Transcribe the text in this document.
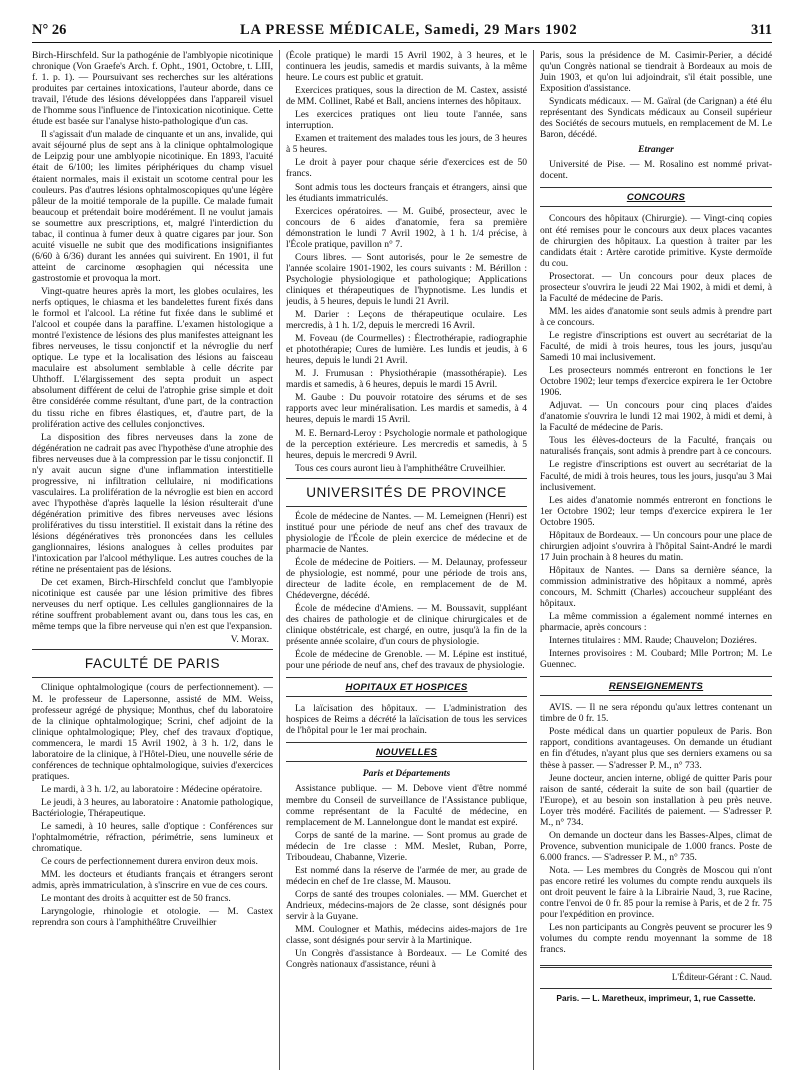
N° 26	LA PRESSE MÉDICALE, Samedi, 29 Mars 1902	311

Birch-Hirschfeld. Sur la pathogénie de l'amblyopie nicotinique chronique (Von Graefe's Arch. f. Opht., 1901, Octobre, t. LIII, f. 1. p. 1). — Poursuivant ses recherches sur les altérations produites par certaines intoxications, l'auteur aborde, dans ce travail, l'étude des lésions développées dans l'appareil visuel de l'homme sous l'influence de l'intoxication nicotinique. Cette étude est basée sur l'analyse histo-pathologique d'un cas.

Il s'agissait d'un malade de cinquante et un ans, invalide, qui avait séjourné plus de sept ans à la clinique ophtalmologique de Leipzig pour une amblyopie nicotinique. En 1893, l'acuité était de 6/100; les limites périphériques du champ visuel étaient normales, mais il existait un scotome central pour les couleurs. Pas d'autres lésions ophtalmoscopiques qu'une légère pâleur de la moitié temporale de la pupille. Ce malade fumait beaucoup et prétendait boire modérément. Il ne voulut jamais se soumettre aux prescriptions, et, malgré l'interdiction du tabac, il continua à fumer deux à quatre cigares par jour. Son acuité visuelle ne subit que des modifications insignifiantes (6/60 à 6/36) durant les années qui suivirent. En 1901, il fut atteint de carcinome œsophagien qui nécessita une gastrostomie et provoqua la mort.

Vingt-quatre heures après la mort, les globes oculaires, les nerfs optiques, le chiasma et les bandelettes furent fixés dans le formol et l'alcool. La rétine fut fixée dans le sublimé et l'alcool et coupée dans la paraffine. L'examen histologique a montré l'existence de lésions des plus manifestes atteignant les fibres nerveuses, le tissu conjonctif et la névroglie du nerf optique. Le type et la localisation des lésions au faisceau maculaire est absolument semblable à celle décrite par Uhthoff. L'élargissement des septa produit un aspect absolument différent de celui de l'atrophie grise simple et doit être considérée comme résultant, d'une part, de la contraction du tissu riche en fibres élastiques, et, d'autre part, de la prolifération active des cellules conjonctives.

La disposition des fibres nerveuses dans la zone de dégénération ne cadrait pas avec l'hypothèse d'une atrophie des fibres nerveuses due à la compression par le tissu conjonctif. Il n'y avait aucun signe d'une inflammation interstitielle progressive, ni infiltration cellulaire, ni modifications vasculaires. La prolifération de la névroglie est bien en accord avec l'hypothèse d'après laquelle la lésion résulterait d'une dégénération primitive des fibres nerveuses avec lésions prolifératives du tissu interstitiel. Il existait dans la rétine des lésions dégénératives très prononcées dans les cellules ganglionnaires, lésions analogues à celles produites par l'intoxication par l'alcool méthylique. Les autres couches de la rétine ne présentaient pas de lésions.

De cet examen, Birch-Hirschfeld conclut que l'amblyopie nicotinique est causée par une lésion primitive des fibres nerveuses du nerf optique. Les cellules ganglionnaires de la rétine souffrent probablement avant ou, dans tous les cas, en même temps que la fibre nerveuse qui n'en est que l'expansion.

V. Morax.

FACULTÉ DE PARIS

Clinique ophtalmologique (cours de perfectionnement). — M. le professeur de Lapersonne, assisté de MM. Weiss, professeur agrégé de physique; Monthus, chef du laboratoire de la clinique ophtalmologique; Scrini, chef adjoint de la clinique ophtalmologique; Pley, chef des travaux d'optique, commencera, le mardi 15 Avril 1902, à 3 h. 1/2, dans le laboratoire de la clinique, à l'Hôtel-Dieu, une nouvelle série de conférences de technique ophtalmologique, suivies d'exercices pratiques.

Le mardi, à 3 h. 1/2, au laboratoire : Médecine opératoire.

Le jeudi, à 3 heures, au laboratoire : Anatomie pathologique, Bactériologie, Thérapeutique.

Le samedi, à 10 heures, salle d'optique : Conférences sur l'ophtalmométrie, réfraction, périmétrie, sens lumineux et chromatique.

Ce cours de perfectionnement durera environ deux mois.

MM. les docteurs et étudiants français et étrangers seront admis, après immatriculation, à s'inscrire en vue de ces cours.

Le montant des droits à acquitter est de 50 francs.

Laryngologie, rhinologie et otologie. — M. Castex reprendra son cours à l'amphithéâtre Cruveilhier

(École pratique) le mardi 15 Avril 1902, à 3 heures, et le continuera les jeudis, samedis et mardis suivants, à la même heure. Le cours est public et gratuit.

Exercices pratiques, sous la direction de M. Castex, assisté de MM. Collinet, Rabé et Ball, anciens internes des hôpitaux.

Les exercices pratiques ont lieu toute l'année, sans interruption.

Examen et traitement des malades tous les jours, de 3 heures à 5 heures.

Le droit à payer pour chaque série d'exercices est de 50 francs.

Sont admis tous les docteurs français et étrangers, ainsi que les étudiants immatriculés.

Exercices opératoires. — M. Guibé, prosecteur, avec le concours de 6 aides d'anatomie, fera sa première démonstration le lundi 7 Avril 1902, à 1 h. 1/4 précise, à l'École pratique, pavillon n° 7.

Cours libres. — Sont autorisés, pour le 2e semestre de l'année scolaire 1901-1902, les cours suivants : M. Bérillon : Psychologie physiologique et pathologique; Applications cliniques et thérapeutiques de l'hypnotisme. Les lundis et jeudis, à 5 heures, depuis le lundi 21 Avril.

M. Darier : Leçons de thérapeutique oculaire. Les mercredis, à 1 h. 1/2, depuis le mercredi 16 Avril.

M. Foveau (de Courmelles) : Électrothérapie, radiographie et photothérapie; Cures de lumière. Les lundis et jeudis, à 6 heures, depuis le lundi 21 Avril.

M. J. Frumusan : Physiothérapie (massothérapie). Les mardis et samedis, à 6 heures, depuis le mardi 15 Avril.

M. Gaube : Du pouvoir rotatoire des sérums et de ses rapports avec leur minéralisation. Les mardis et samedis, à 4 heures, depuis le mardi 15 Avril.

M. E. Bernard-Leroy : Psychologie normale et pathologique de la perception extérieure. Les mercredis et samedis, à 5 heures, depuis le mercredi 9 Avril.

Tous ces cours auront lieu à l'amphithéâtre Cruveilhier.

UNIVERSITÉS DE PROVINCE

École de médecine de Nantes. — M. Lemeignen (Henri) est institué pour une période de neuf ans chef des travaux de physiologie de l'École de plein exercice de médecine et de pharmacie de Nantes.

École de médecine de Poitiers. — M. Delaunay, professeur de physiologie, est nommé, pour une période de trois ans, directeur de ladite école, en remplacement de de M. Chédevergne, décédé.

École de médecine d'Amiens. — M. Boussavit, suppléant des chaires de pathologie et de clinique chirurgicales et de clinique obstétricale, est chargé, en outre, jusqu'à la fin de la présente année scolaire, d'un cours de physiologie.

École de médecine de Grenoble. — M. Lépine est institué, pour une période de neuf ans, chef des travaux de physiologie.

HOPITAUX ET HOSPICES

La laïcisation des hôpitaux. — L'administration des hospices de Reims a décrété la laïcisation de tous les services de l'hôpital pour le 1er mai prochain.

NOUVELLES
Paris et Départements

Assistance publique. — M. Debove vient d'être nommé membre du Conseil de surveillance de l'Assistance publique, comme représentant de la Faculté de médecine, en remplacement de M. Lannelongue dont le mandat est expiré.

Corps de santé de la marine. — Sont promus au grade de médecin de 1re classe : MM. Meslet, Ruban, Porre, Triboudeau, Chabanne, Vizerie.

Est nommé dans la réserve de l'armée de mer, au grade de médecin en chef de 1re classe, M. Mausou.

Corps de santé des troupes coloniales. — MM. Guerchet et Andrieux, médecins-majors de 2e classe, sont désignés pour servir à la Guyane.

MM. Coulogner et Mathis, médecins aides-majors de 1re classe, sont désignés pour servir à la Martinique.

Un Congrès d'assistance à Bordeaux. — Le Comité des Congrès nationaux d'assistance, réuni à

Paris, sous la présidence de M. Casimir-Perier, a décidé qu'un Congrès national se tiendrait à Bordeaux au mois de Juin 1903, et qu'on lui adjoindrait, s'il était possible, une Exposition d'assistance.

Syndicats médicaux. — M. Gaïral (de Carignan) a été élu représentant des Syndicats médicaux au Conseil supérieur des Sociétés de secours mutuels, en remplacement de M. Le Baron, décédé.

Etranger

Université de Pise. — M. Rosalino est nommé privat-docent.

CONCOURS

Concours des hôpitaux (Chirurgie). — Vingt-cinq copies ont été remises pour le concours aux deux places vacantes de chirurgien des hôpitaux. La question à traiter par les candidats était : Artère carotide primitive. Kyste dermoïde du cou.

Prosectorat. — Un concours pour deux places de prosecteur s'ouvrira le jeudi 22 Mai 1902, à midi et demi, à la Faculté de médecine de Paris.

MM. les aides d'anatomie sont seuls admis à prendre part à ce concours.

Le registre d'inscriptions est ouvert au secrétariat de la Faculté, de midi à trois heures, tous les jours, jusqu'au Samedi 10 mai inclusivement.

Les prosecteurs nommés entreront en fonctions le 1er Octobre 1902; leur temps d'exercice expirera le 1er Octobre 1906.

Adjuvat. — Un concours pour cinq places d'aides d'anatomie s'ouvrira le lundi 12 mai 1902, à midi et demi, à la Faculté de médecine de Paris.

Tous les élèves-docteurs de la Faculté, français ou naturalisés français, sont admis à prendre part à ce concours.

Le registre d'inscriptions est ouvert au secrétariat de la Faculté, de midi à trois heures, tous les jours, jusqu'au 3 Mai inclusivement.

Les aides d'anatomie nommés entreront en fonctions le 1er Octobre 1902; leur temps d'exercice expirera le 1er Octobre 1905.

Hôpitaux de Bordeaux. — Un concours pour une place de chirurgien adjoint s'ouvrira à l'hôpital Saint-André le mardi 17 Juin prochain à 8 heures du matin.

Hôpitaux de Nantes. — Dans sa dernière séance, la commission administrative des hôpitaux a nommé, après concours, M. Schmitt (Charles) accoucheur suppléant des hôpitaux.

La même commission a également nommé internes en pharmacie, après concours :

Internes titulaires : MM. Raude; Chauvelon; Doziéres.

Internes provisoires : M. Coubard; Mlle Portron; M. Le Guennec.

RENSEIGNEMENTS

AVIS. — Il ne sera répondu qu'aux lettres contenant un timbre de 0 fr. 15.

Poste médical dans un quartier populeux de Paris. Bon rapport, conditions avantageuses. On demande un étudiant en fin d'études, n'ayant plus que ses derniers examens ou sa thèse à passer. — S'adresser P. M., n° 733.

Jeune docteur, ancien interne, obligé de quitter Paris pour raison de santé, céderait la suite de son bail (quartier de l'Europe), et au besoin son installation à peu près neuve. Loyer très modéré. Facilités de paiement. — S'adresser P. M., n° 734.

On demande un docteur dans les Basses-Alpes, climat de Provence, subvention municipale de 1.000 francs. Poste de 6.000 francs. — S'adresser P. M., n° 735.

Nota. — Les membres du Congrès de Moscou qui n'ont pas encore retiré les volumes du compte rendu auxquels ils ont droit peuvent le faire à la Librairie Naud, 3, rue Racine, contre l'envoi de 0 fr. 85 pour la remise à Paris, et de 2 fr. 75 pour l'expédition en province.

Les non participants au Congrès peuvent se procurer les 9 volumes du compte rendu moyennant la somme de 18 francs.

L'Éditeur-Gérant : C. Naud.
Paris. — L. Maretheux, imprimeur, 1, rue Cassette.
